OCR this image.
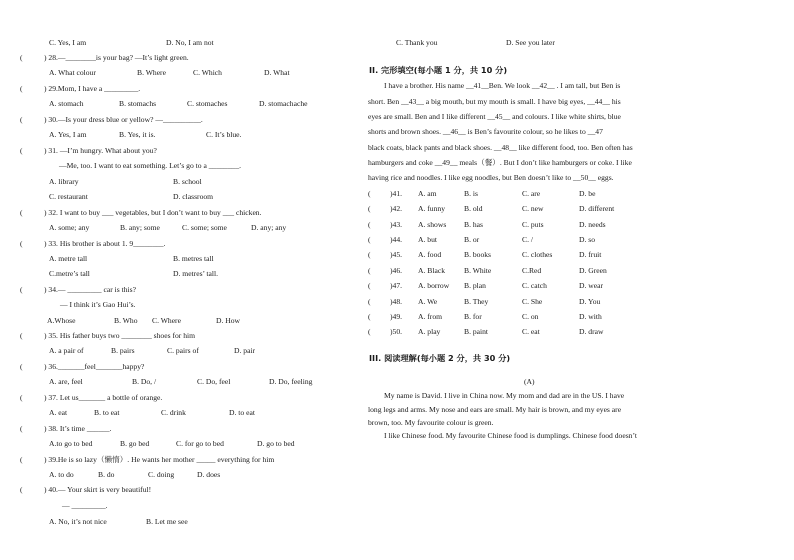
C. Yes, I am	D. No, I am not
(	) 28.—________is your bag? —It’s light green.
A. What colour	B. Where	C. Which	D. What
(	) 29.Mom, I have a _________.
A. stomach	B. stomachs	C. stomaches	D. stomachache
(	) 30.—Is your dress blue or yellow? —__________.
A. Yes, I am	B. Yes, it is.	C. It’s blue.
(	) 31. —I’m hungry. What about you?
—Me, too. I want to eat something. Let’s go to a ________.
A. library	B. school
C. restaurant	D. classroom
(	) 32. I want to buy ___ vegetables, but I don’t want to buy ___ chicken.
A. some; any	B. any; some	C. some; some	D. any; any
(	) 33. His brother is about 1. 9________.
A. metre tall	B. metres tall
C.metre’s tall	D. metres’ tall.
(	) 34.— _________ car is this?
— I think it’s Gao Hui’s.
A.Whose	B. Who C. Where	D. How
(	) 35. His father buys two ________ shoes for him
A. a pair of	B. pairs	C. pairs of	D. pair
(	) 36._______feel_______happy?
A. are, feel	B. Do, /	C. Do, feel	D. Do, feeling
(	) 37. Let us_______ a bottle of orange.
A. eat	B. to eat	C. drink	D. to eat
(	) 38. It’s time ______.
A.to go to bed	B. go bed	C. for go to bed	D. go to bed
(	) 39.He is so lazy（懒惰）. He wants her mother _____ everything for him
A. to do	B. do	C. doing	D. does
(	) 40.— Your skirt is very beautiful!
— _________.
A. No, it’s not nice	B. Let me see
C. Thank you	D. See you later
II. 完形填空(每小题 1 分，共 10 分)
I have a brother. His name __41__Ben. We look __42__ . I am tall, but Ben is
short. Ben __43__ a big mouth, but my mouth is small. I have big eyes, __44__ his
eyes are small. Ben and I like different __45__ and colours. I like white shirts, blue
shorts and brown shoes. __46__ is Ben’s favourite colour, so he likes to __47
black coats, black pants and black shoes. __48__ like different food, too. Ben often has
hamburgers and coke __49__ meals（餐）. But I don’t like hamburgers or coke. I like
having rice and noodles. I like egg noodles, but Ben doesn’t like to __50__ eggs.
(	)41. A. am	B. is	C. are	D. be
(	)42. A. funny	B. old	C. new	D. different
(	)43. A. shows B. has	C. puts	D. needs
(	)44. A. but	B. or	C. /	D. so
(	)45. A. food	B. books	C. clothes	D. fruit
(	)46. A. Black	B. White	C.Red	D. Green
(	)47. A. borrow B. plan	C. catch	D. wear
(	)48. A. We	B. They	C. She	D. You
(	)49. A. from	B. for	C. on	D. with
(	)50. A. play	B. paint	C. eat	D. draw
III. 阅读理解(每小题 2 分，共 30 分)
(A)
My name is David. I live in China now. My mom and dad are in the US. I have
long legs and arms. My nose and ears are small. My hair is brown, and my eyes are
brown, too. My favourite colour is green.
I like Chinese food. My favourite Chinese food is dumplings. Chinese food doesn’t
